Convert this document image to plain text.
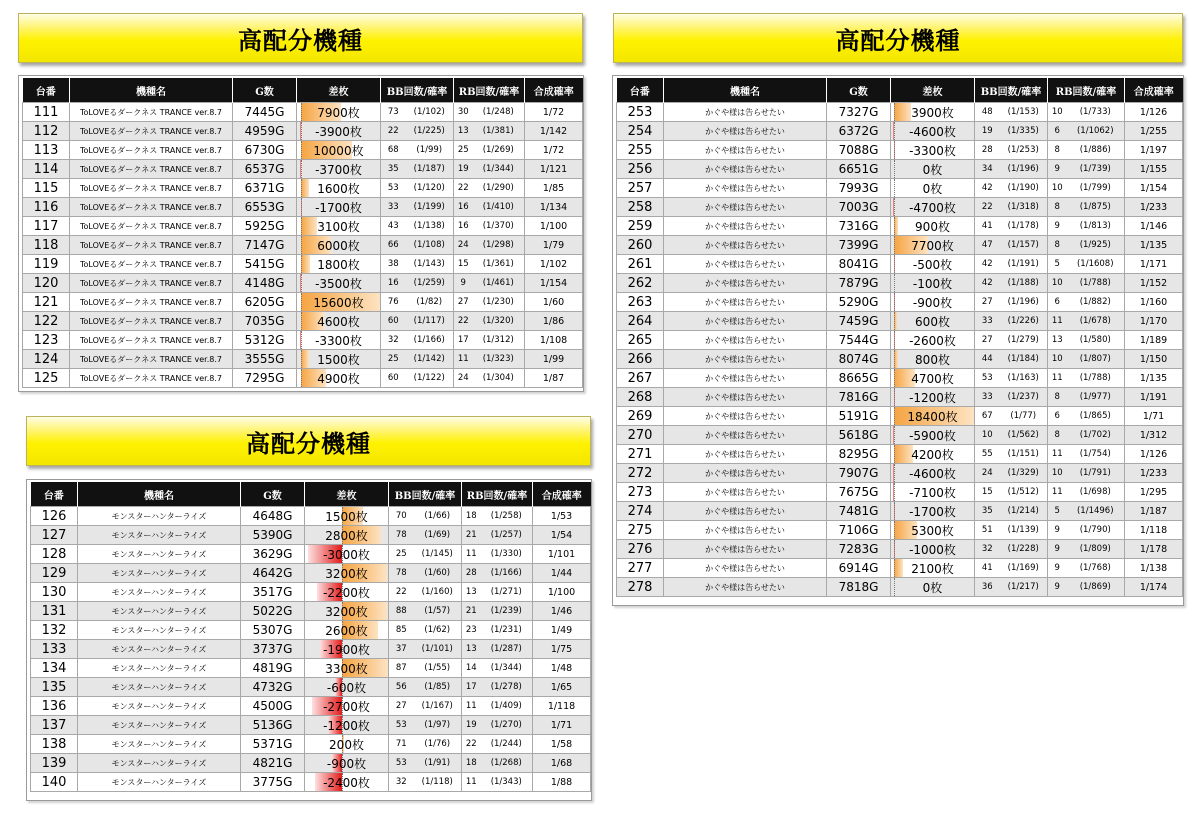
高配分機種
台番	機種名	G数	差枚	BB回数/確率		RB回数/確率		合成確率
111	ToLOVEるダークネス TRANCE ver.8.7	7445G	7900枚	73	(1/102)	30	(1/248)	1/72
112	ToLOVEるダークネス TRANCE ver.8.7	4959G	-3900枚	22	(1/225)	13	(1/381)	1/142
113	ToLOVEるダークネス TRANCE ver.8.7	6730G	10000枚	68	(1/99)	25	(1/269)	1/72
114	ToLOVEるダークネス TRANCE ver.8.7	6537G	-3700枚	35	(1/187)	19	(1/344)	1/121
115	ToLOVEるダークネス TRANCE ver.8.7	6371G	1600枚	53	(1/120)	22	(1/290)	1/85
116	ToLOVEるダークネス TRANCE ver.8.7	6553G	-1700枚	33	(1/199)	16	(1/410)	1/134
117	ToLOVEるダークネス TRANCE ver.8.7	5925G	3100枚	43	(1/138)	16	(1/370)	1/100
118	ToLOVEるダークネス TRANCE ver.8.7	7147G	6000枚	66	(1/108)	24	(1/298)	1/79
119	ToLOVEるダークネス TRANCE ver.8.7	5415G	1800枚	38	(1/143)	15	(1/361)	1/102
120	ToLOVEるダークネス TRANCE ver.8.7	4148G	-3500枚	16	(1/259)	9	(1/461)	1/154
121	ToLOVEるダークネス TRANCE ver.8.7	6205G	15600枚	76	(1/82)	27	(1/230)	1/60
122	ToLOVEるダークネス TRANCE ver.8.7	7035G	4600枚	60	(1/117)	22	(1/320)	1/86
123	ToLOVEるダークネス TRANCE ver.8.7	5312G	-3300枚	32	(1/166)	17	(1/312)	1/108
124	ToLOVEるダークネス TRANCE ver.8.7	3555G	1500枚	25	(1/142)	11	(1/323)	1/99
125	ToLOVEるダークネス TRANCE ver.8.7	7295G	4900枚	60	(1/122)	24	(1/304)	1/87
高配分機種
台番	機種名	G数	差枚	BB回数/確率		RB回数/確率		合成確率
126	モンスターハンターライズ	4648G	1500枚	70	(1/66)	18	(1/258)	1/53
127	モンスターハンターライズ	5390G	2800枚	78	(1/69)	21	(1/257)	1/54
128	モンスターハンターライズ	3629G	-3000枚	25	(1/145)	11	(1/330)	1/101
129	モンスターハンターライズ	4642G	3200枚	78	(1/60)	28	(1/166)	1/44
130	モンスターハンターライズ	3517G	-2200枚	22	(1/160)	13	(1/271)	1/100
131	モンスターハンターライズ	5022G	3200枚	88	(1/57)	21	(1/239)	1/46
132	モンスターハンターライズ	5307G	2600枚	85	(1/62)	23	(1/231)	1/49
133	モンスターハンターライズ	3737G	-1900枚	37	(1/101)	13	(1/287)	1/75
134	モンスターハンターライズ	4819G	3300枚	87	(1/55)	14	(1/344)	1/48
135	モンスターハンターライズ	4732G	-600枚	56	(1/85)	17	(1/278)	1/65
136	モンスターハンターライズ	4500G	-2700枚	27	(1/167)	11	(1/409)	1/118
137	モンスターハンターライズ	5136G	-1200枚	53	(1/97)	19	(1/270)	1/71
138	モンスターハンターライズ	5371G	200枚	71	(1/76)	22	(1/244)	1/58
139	モンスターハンターライズ	4821G	-900枚	53	(1/91)	18	(1/268)	1/68
140	モンスターハンターライズ	3775G	-2400枚	32	(1/118)	11	(1/343)	1/88
高配分機種
台番	機種名	G数	差枚	BB回数/確率		RB回数/確率		合成確率
253	かぐや様は告らせたい	7327G	3900枚	48	(1/153)	10	(1/733)	1/126
254	かぐや様は告らせたい	6372G	-4600枚	19	(1/335)	6	(1/1062)	1/255
255	かぐや様は告らせたい	7088G	-3300枚	28	(1/253)	8	(1/886)	1/197
256	かぐや様は告らせたい	6651G	0枚	34	(1/196)	9	(1/739)	1/155
257	かぐや様は告らせたい	7993G	0枚	42	(1/190)	10	(1/799)	1/154
258	かぐや様は告らせたい	7003G	-4700枚	22	(1/318)	8	(1/875)	1/233
259	かぐや様は告らせたい	7316G	900枚	41	(1/178)	9	(1/813)	1/146
260	かぐや様は告らせたい	7399G	7700枚	47	(1/157)	8	(1/925)	1/135
261	かぐや様は告らせたい	8041G	-500枚	42	(1/191)	5	(1/1608)	1/171
262	かぐや様は告らせたい	7879G	-100枚	42	(1/188)	10	(1/788)	1/152
263	かぐや様は告らせたい	5290G	-900枚	27	(1/196)	6	(1/882)	1/160
264	かぐや様は告らせたい	7459G	600枚	33	(1/226)	11	(1/678)	1/170
265	かぐや様は告らせたい	7544G	-2600枚	27	(1/279)	13	(1/580)	1/189
266	かぐや様は告らせたい	8074G	800枚	44	(1/184)	10	(1/807)	1/150
267	かぐや様は告らせたい	8665G	4700枚	53	(1/163)	11	(1/788)	1/135
268	かぐや様は告らせたい	7816G	-1200枚	33	(1/237)	8	(1/977)	1/191
269	かぐや様は告らせたい	5191G	18400枚	67	(1/77)	6	(1/865)	1/71
270	かぐや様は告らせたい	5618G	-5900枚	10	(1/562)	8	(1/702)	1/312
271	かぐや様は告らせたい	8295G	4200枚	55	(1/151)	11	(1/754)	1/126
272	かぐや様は告らせたい	7907G	-4600枚	24	(1/329)	10	(1/791)	1/233
273	かぐや様は告らせたい	7675G	-7100枚	15	(1/512)	11	(1/698)	1/295
274	かぐや様は告らせたい	7481G	-1700枚	35	(1/214)	5	(1/1496)	1/187
275	かぐや様は告らせたい	7106G	5300枚	51	(1/139)	9	(1/790)	1/118
276	かぐや様は告らせたい	7283G	-1000枚	32	(1/228)	9	(1/809)	1/178
277	かぐや様は告らせたい	6914G	2100枚	41	(1/169)	9	(1/768)	1/138
278	かぐや様は告らせたい	7818G	0枚	36	(1/217)	9	(1/869)	1/174
